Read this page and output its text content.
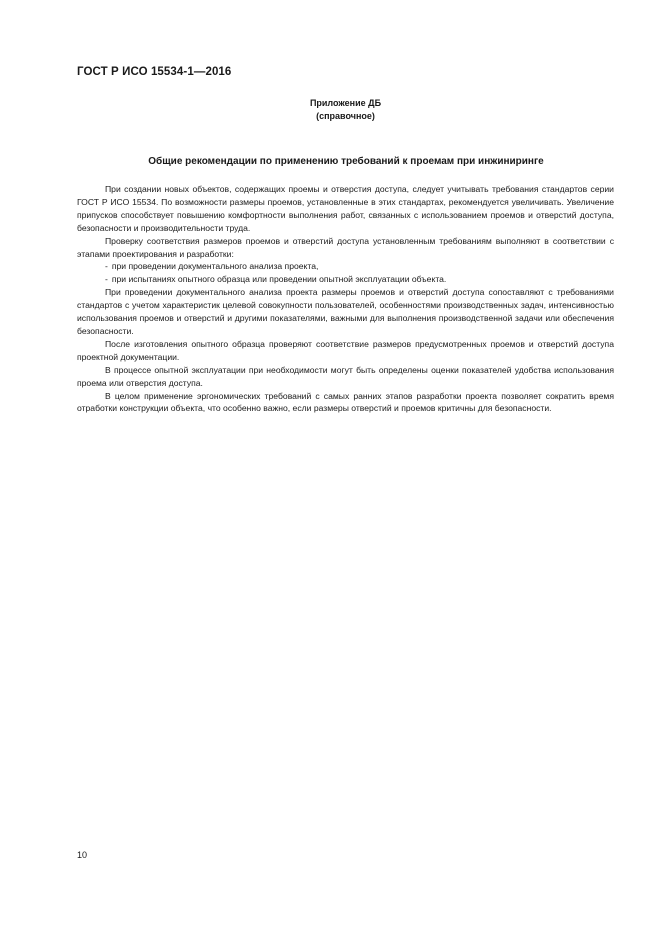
ГОСТ Р ИСО 15534-1—2016
Приложение ДБ
(справочное)
Общие рекомендации по применению требований к проемам при инжиниринге

При создании новых объектов, содержащих проемы и отверстия доступа, следует учитывать требования стандартов серии ГОСТ Р ИСО 15534. По возможности размеры проемов, установленные в этих стандартах, рекомендуется увеличивать. Увеличение припусков способствует повышению комфортности выполнения работ, связанных с использованием проемов и отверстий доступа, безопасности и производительности труда.

Проверку соответствия размеров проемов и отверстий доступа установленным требованиям выполняют в соответствии с этапами проектирования и разработки:

- при проведении документального анализа проекта,
- при испытаниях опытного образца или проведении опытной эксплуатации объекта.

При проведении документального анализа проекта размеры проемов и отверстий доступа сопоставляют с требованиями стандартов с учетом характеристик целевой совокупности пользователей, особенностями производственных задач, интенсивностью использования проемов и отверстий и другими показателями, важными для выполнения производственной задачи или обеспечения безопасности.

После изготовления опытного образца проверяют соответствие размеров предусмотренных проемов и отверстий доступа проектной документации.

В процессе опытной эксплуатации при необходимости могут быть определены оценки показателей удобства использования проема или отверстия доступа.

В целом применение эргономических требований с самых ранних этапов разработки проекта позволяет сократить время отработки конструкции объекта, что особенно важно, если размеры отверстий и проемов критичны для безопасности.

10
